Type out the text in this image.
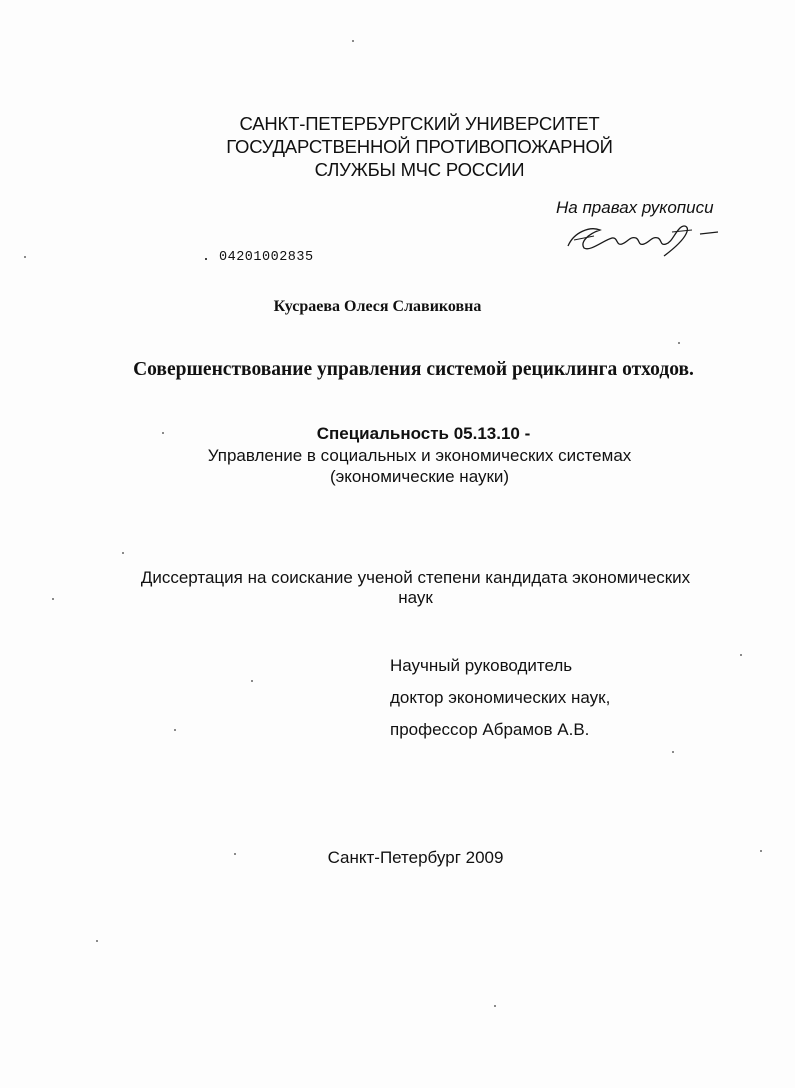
САНКТ-ПЕТЕРБУРГСКИЙ УНИВЕРСИТЕТ
ГОСУДАРСТВЕННОЙ ПРОТИВОПОЖАРНОЙ
СЛУЖБЫ МЧС РОССИИ
На правах рукописи
04201002835
Кусраева Олеся Славиковна
Совершенствование управления системой рециклинга отходов.
Специальность 05.13.10 -
Управление в социальных и экономических системах
(экономические науки)
Диссертация на соискание ученой степени кандидата экономических
наук
Научный руководитель
доктор экономических наук,
профессор Абрамов А.В.
Санкт-Петербург 2009
